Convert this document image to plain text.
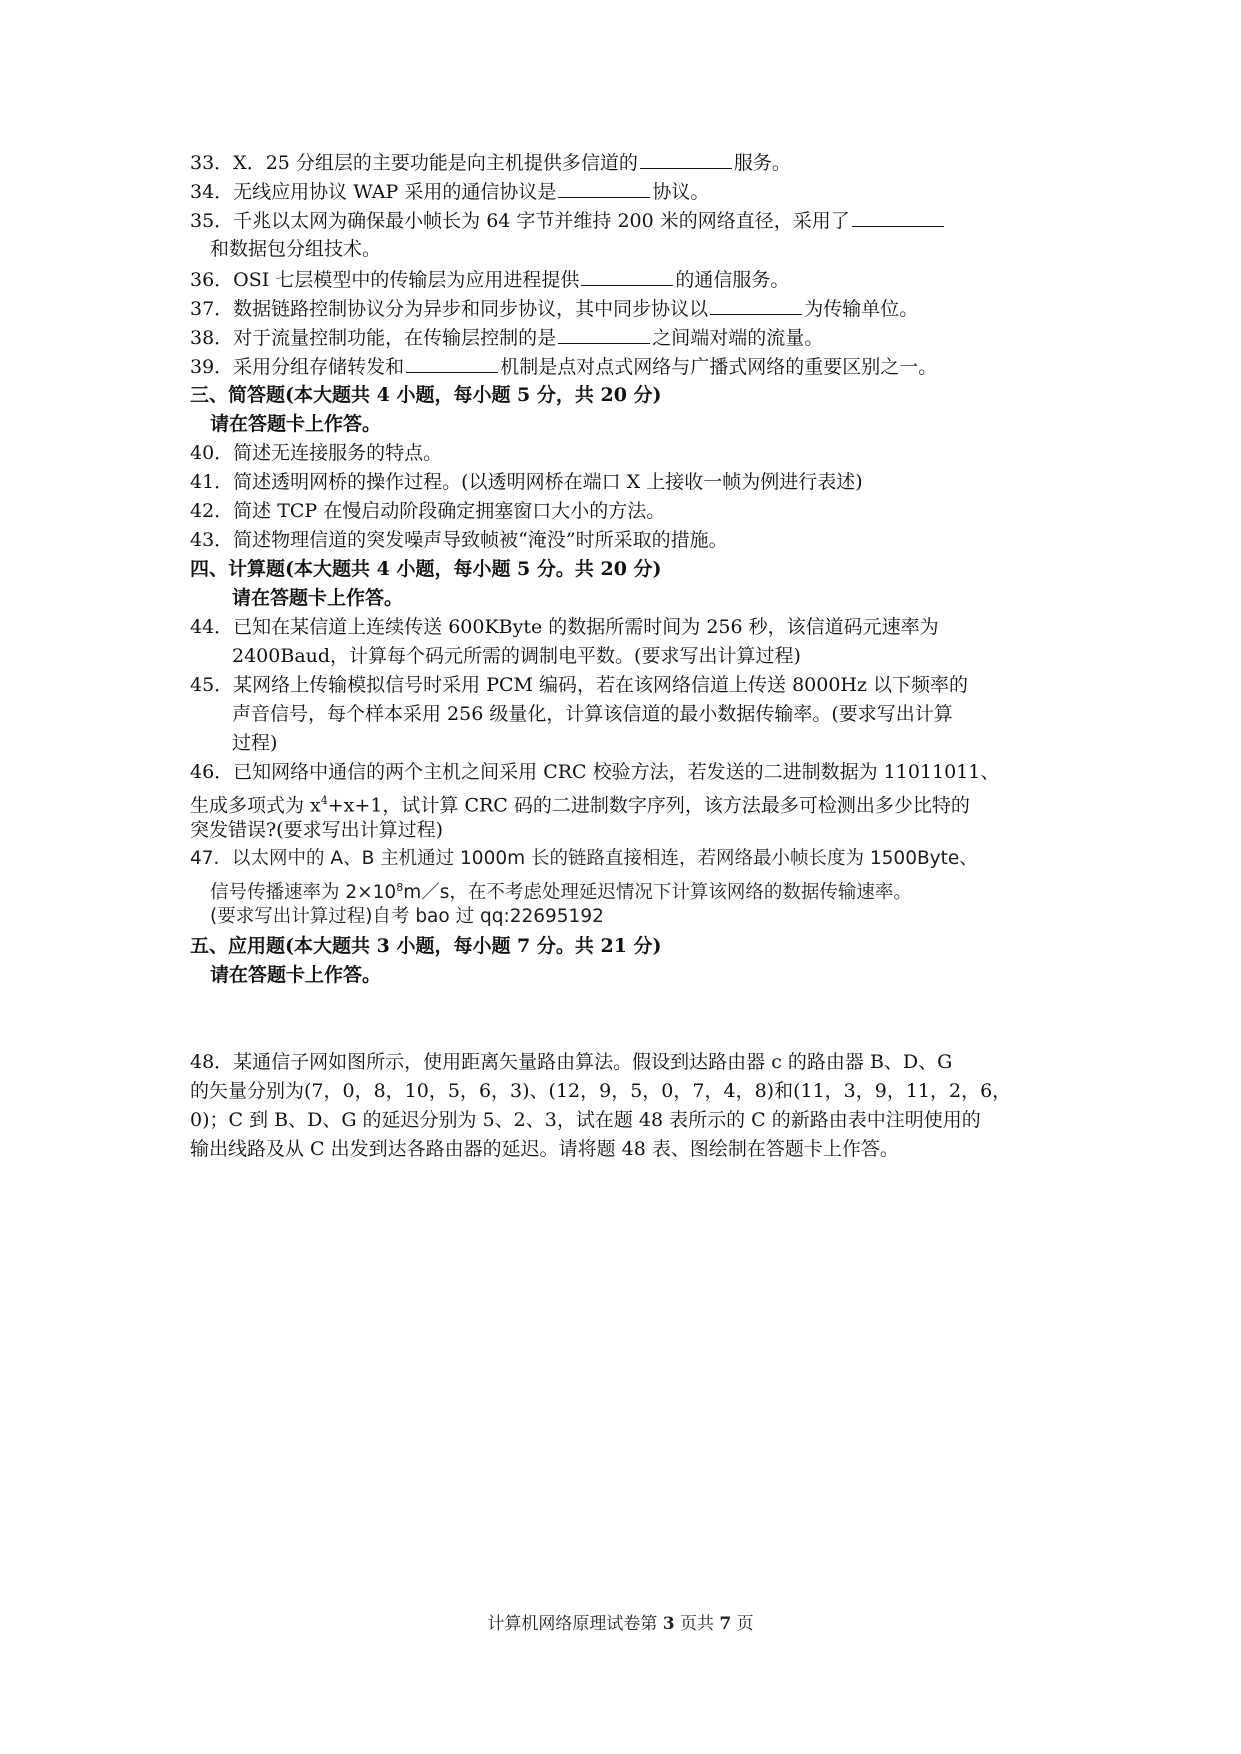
33．X．25 分组层的主要功能是向主机提供多信道的	服务。
34．无线应用协议 WAP 采用的通信协议是	协议。
35．千兆以太网为确保最小帧长为 64 字节并维持 200 米的网络直径，采用了
和数据包分组技术。
36．OSI 七层模型中的传输层为应用进程提供	的通信服务。
37．数据链路控制协议分为异步和同步协议，其中同步协议以	为传输单位。
38．对于流量控制功能，在传输层控制的是	之间端对端的流量。
39．采用分组存储转发和	机制是点对点式网络与广播式网络的重要区别之一。
三、简答题(本大题共 4 小题，每小题 5 分，共 20 分)
请在答题卡上作答。
40．简述无连接服务的特点。
41．简述透明网桥的操作过程。(以透明网桥在端口 X 上接收一帧为例进行表述)
42．简述 TCP 在慢启动阶段确定拥塞窗口大小的方法。
43．简述物理信道的突发噪声导致帧被“淹没”时所采取的措施。
四、计算题(本大题共 4 小题，每小题 5 分。共 20 分)
请在答题卡上作答。
44．已知在某信道上连续传送 600KByte 的数据所需时间为 256 秒，该信道码元速率为
2400Baud，计算每个码元所需的调制电平数。(要求写出计算过程)
45．某网络上传输模拟信号时采用 PCM 编码，若在该网络信道上传送 8000Hz 以下频率的
声音信号，每个样本采用 256 级量化，计算该信道的最小数据传输率。(要求写出计算
过程)
46．已知网络中通信的两个主机之间采用 CRC 校验方法，若发送的二进制数据为 11011011、
生成多项式为 $x^4+x+1$，试计算 CRC 码的二进制数字序列，该方法最多可检测出多少比特的
突发错误?(要求写出计算过程)
47．以太网中的 A、B 主机通过 1000m 长的链路直接相连，若网络最小帧长度为 1500Byte、
信号传播速率为 $2\times 10^8m/s$，在不考虑处理延迟情况下计算该网络的数据传输速率。
(要求写出计算过程)自考 bao 过 qq:22695192
五、应用题(本大题共 3 小题，每小题 7 分。共 21 分)
请在答题卡上作答。
48．某通信子网如图所示，使用距离矢量路由算法。假设到达路由器 c 的路由器 B、D、G
的矢量分别为(7，0，8，10，5，6，3)、(12，9，5，0，7，4，8)和(11，3，9，11，2，6，
0)；C 到 B、D、G 的延迟分别为 5、2、3，试在题 48 表所示的 C 的新路由表中注明使用的
输出线路及从 C 出发到达各路由器的延迟。请将题 48 表、图绘制在答题卡上作答。
计算机网络原理试卷第 3 页共 7 页
